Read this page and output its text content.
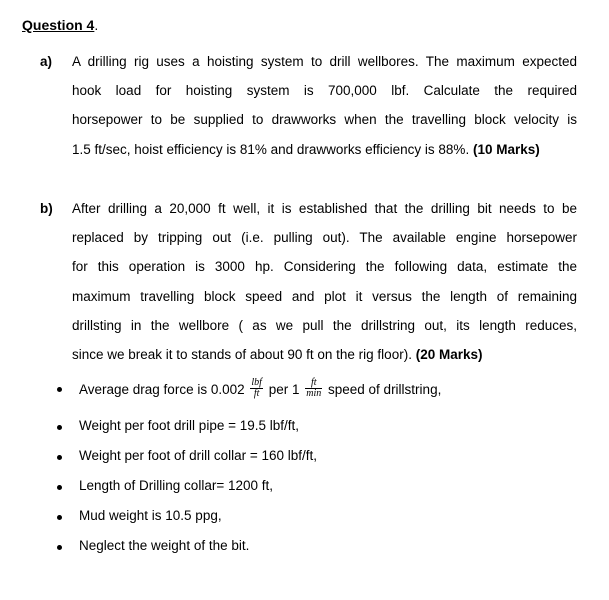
Question 4.
a) A drilling rig uses a hoisting system to drill wellbores. The maximum expected
hook load for hoisting system is 700,000 lbf. Calculate the required
horsepower to be supplied to drawworks when the travelling block velocity is
1.5 ft/sec, hoist efficiency is 81% and drawworks efficiency is 88%. (10 Marks)
b) After drilling a 20,000 ft well, it is established that the drilling bit needs to be
replaced by tripping out (i.e. pulling out). The available engine horsepower
for this operation is 3000 hp. Considering the following data, estimate the
maximum travelling block speed and plot it versus the length of remaining
drillsting in the wellbore ( as we pull the drillstring out, its length reduces,
since we break it to stands of about 90 ft on the rig floor). (20 Marks)
Average drag force is $0.002 \frac{\text{lbf}}{ft}$ per $1 \frac{ft}{\min}$ speed of drillstring,
Weight per foot drill pipe = 19.5 lbf/ft,
Weight per foot of drill collar = 160 lbf/ft,
Length of Drilling collar= 1200 ft,
Mud weight is 10.5 ppg,
Neglect the weight of the bit.
